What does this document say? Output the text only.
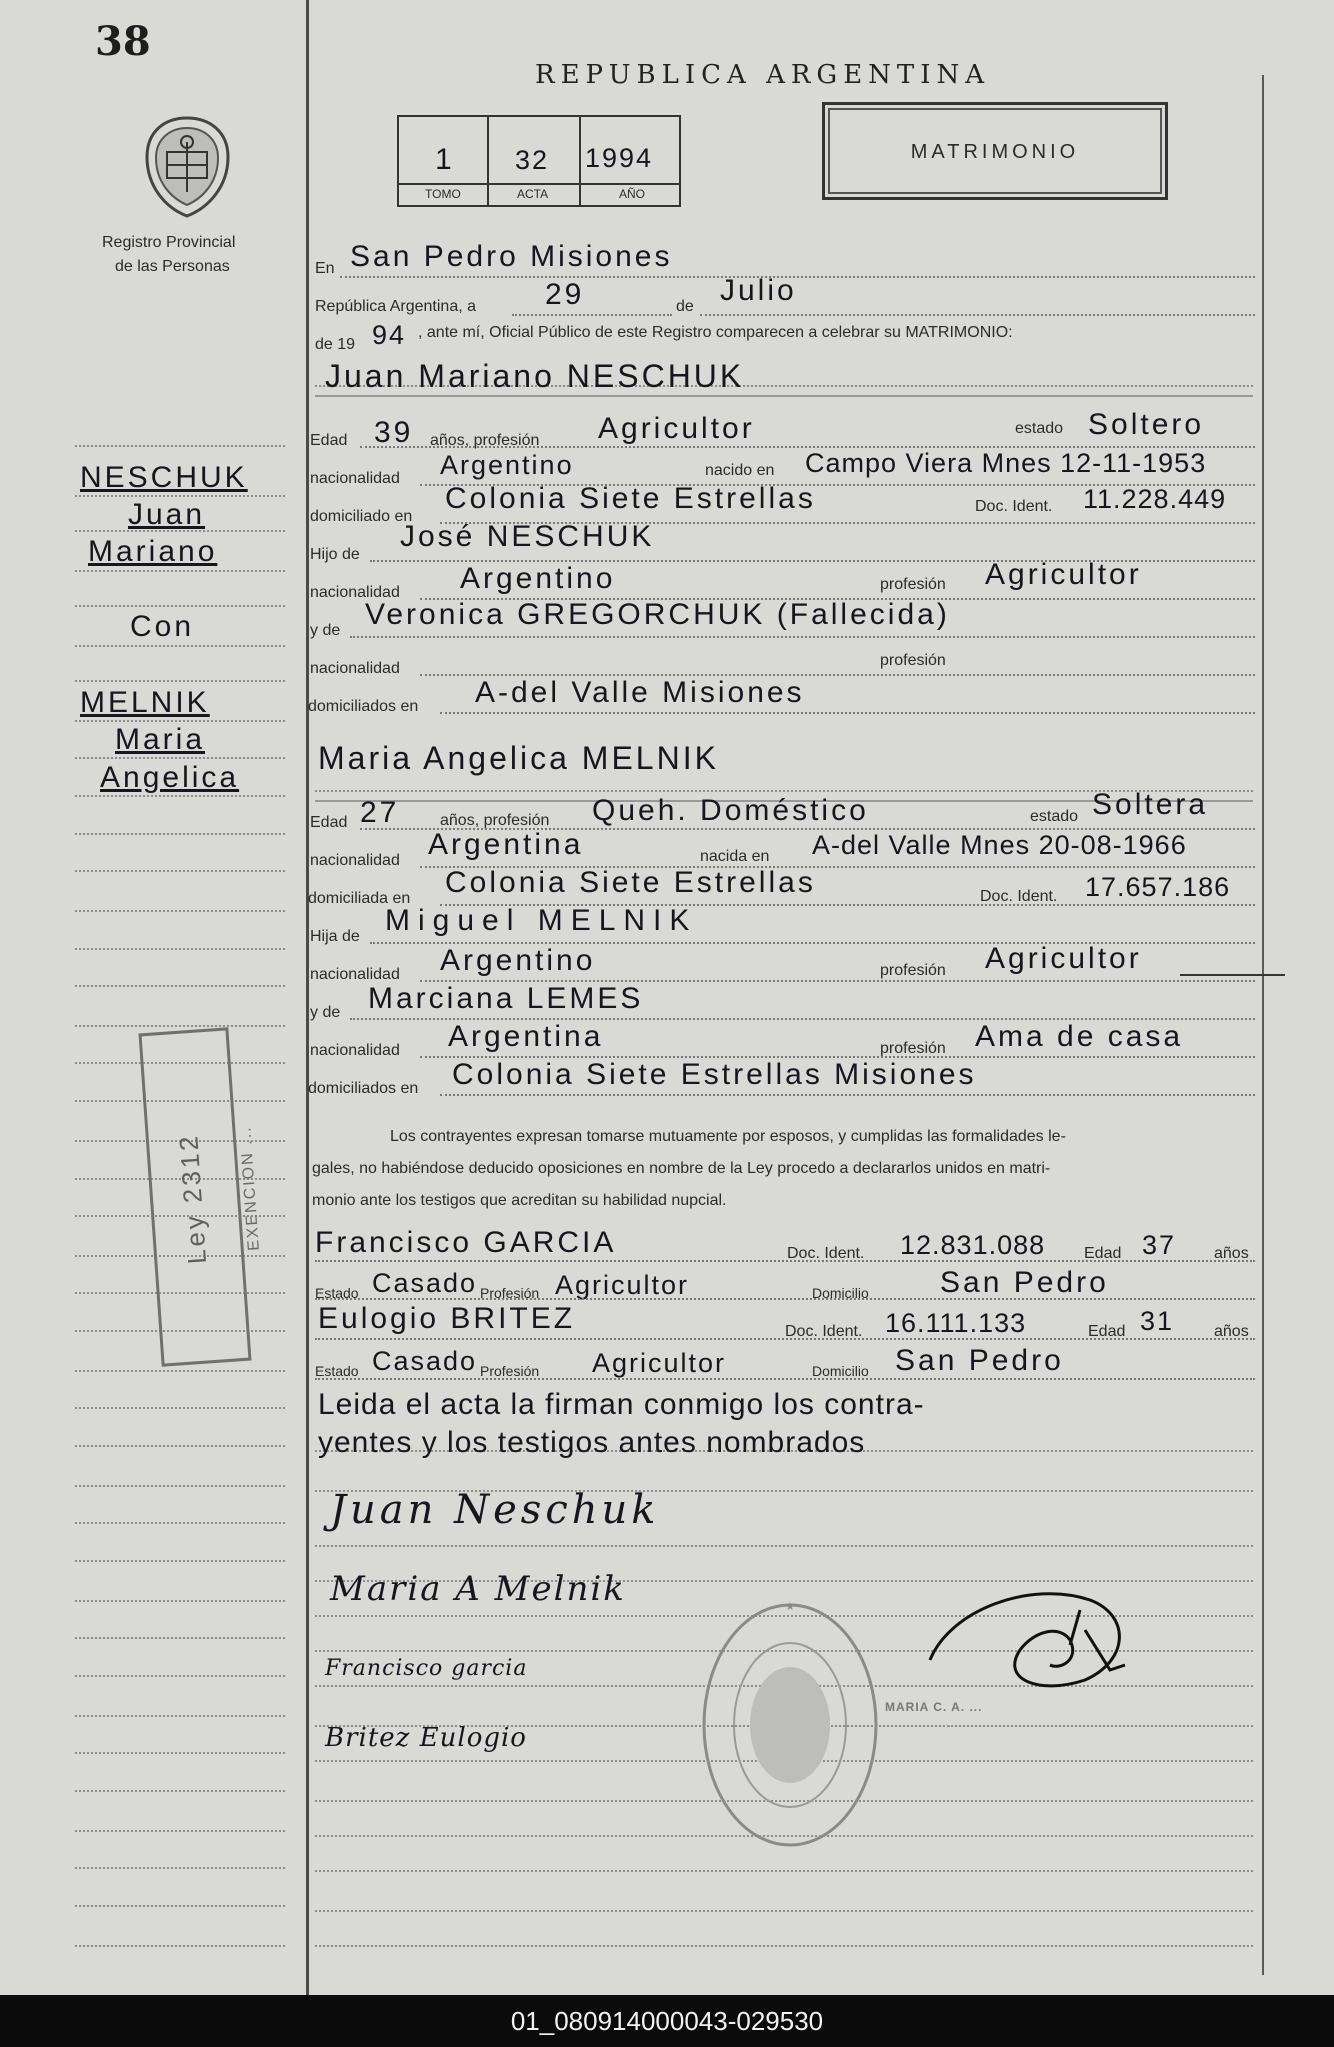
38
Registro Provincial
de las Personas
REPUBLICA ARGENTINA
1 32 1994
TOMO	ACTA	AÑO
MATRIMONIO
NESCHUK
Juan
Mariano
Con
MELNIK
Maria
Angelica
Ley 2312 EXENCION ...
En San Pedro Misiones
República Argentina, a 29	de Julio
de 19 94 , ante mí, Oficial Público de este Registro comparecen a celebrar su MATRIMONIO:
Juan Mariano NESCHUK
Edad 39 años, profesión Agricultor	estado Soltero
nacionalidad Argentino	nacido en Campo Viera Mnes 12-11-1953
domiciliado en
Colonia Siete Estrellas	Doc. Ident. 11.228.449
Hijo de
José NESCHUK
nacionalidad Argentino	profesión Agricultor
y de Veronica GREGORCHUK (Fallecida)
nacionalidad	profesión
domiciliados en A-del Valle Misiones
Maria Angelica MELNIK
Edad 27	años, profesión Queh. Doméstico	estado Soltera
nacionalidad Argentina	nacida en A-del Valle Mnes 20-08-1966
domiciliada en Colonia Siete Estrellas	Doc. Ident. 17.657.186
Hija de Miguel MELNIK
nacionalidad Argentino	profesión Agricultor
y de Marciana LEMES
nacionalidad Argentina	profesión Ama de casa
domiciliados en Colonia Siete Estrellas Misiones
Los contrayentes expresan tomarse mutuamente por esposos, y cumplidas las formalidades le-
gales, no habiéndose deducido oposiciones en nombre de la Ley procedo a declararlos unidos en matri-
monio ante los testigos que acreditan su habilidad nupcial.
Francisco GARCIA	Doc. Ident. 12.831.088 Edad 37 años
Estado Casado Profesión Agricultor	Domicilio San Pedro
Eulogio BRITEZ	Doc. Ident. 16.111.133	Edad 31 años
Estado Casado Profesión Agricultor	Domicilio San Pedro
Leida el acta la firman conmigo los contra-
yentes y los testigos antes nombrados
Juan Neschuk
Maria A Melnik
Francisco garcia
Britez Eulogio
★
MARIA C. A. ...
...
01_080914000043-029530
